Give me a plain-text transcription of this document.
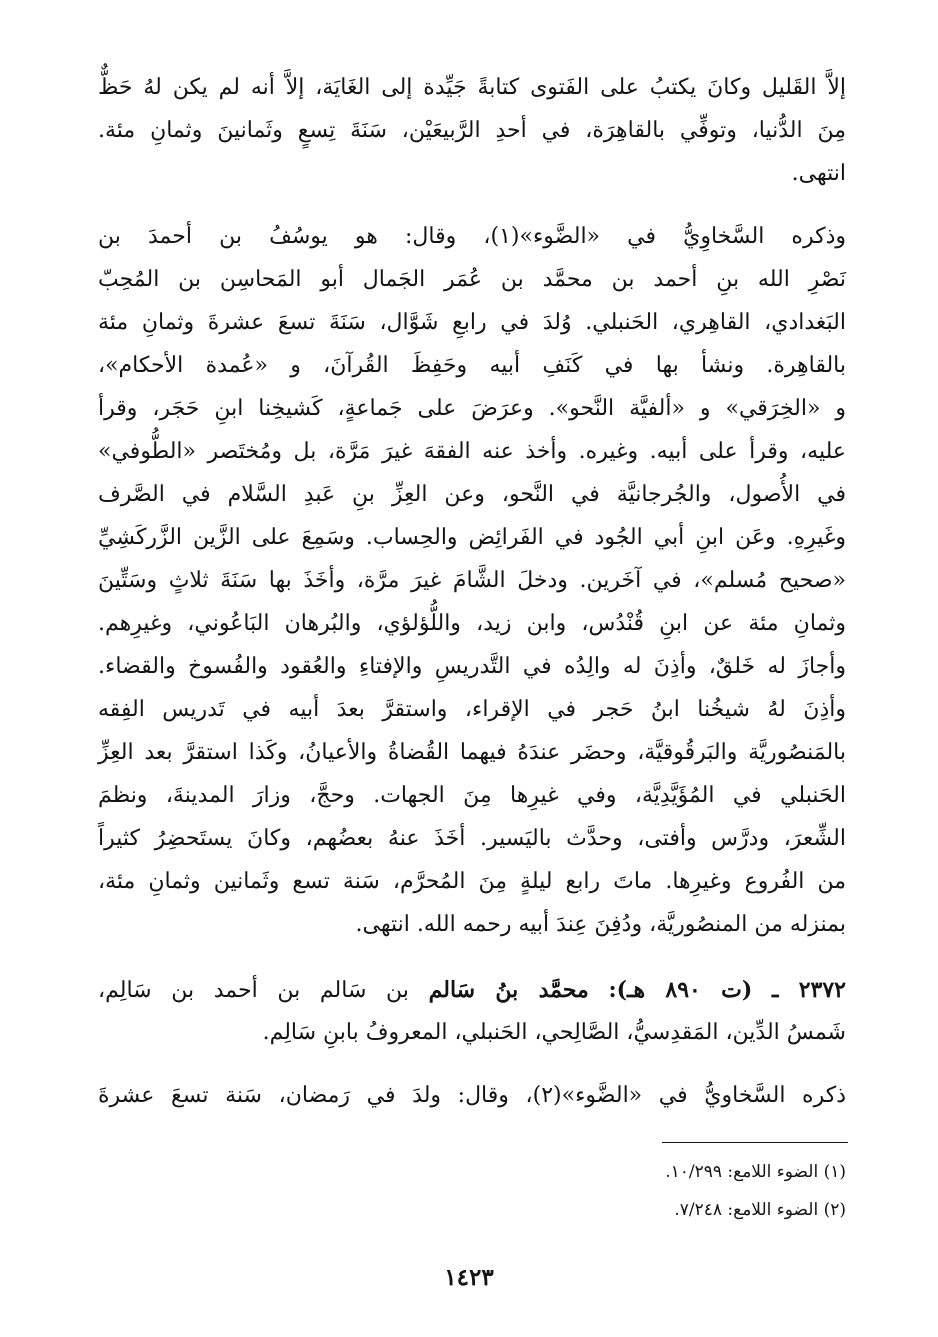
إلاَّ القَليل وكانَ يكتبُ على الفَتوى كتابةً جَيِّدة إلى الغَايَة، إلاَّ أنه لم يكن لهُ حَظٌّ
مِنَ الدُّنيا، وتوفِّي بالقاهِرَة، في أحدِ الرَّبيعَيْن، سَنَةَ تِسعٍ وثَمانينَ وثمانِ مئة.
انتهى.
وذكره السَّخاوِيُّ في «الضَّوء»(١)، وقال: هو يوسُفُ بن أحمدَ بن
نَصْرِ الله بنِ أحمد بن محمَّد بن عُمَر الجَمال أبو المَحاسِن بن المُحِبّ
البَغدادي، القاهِري، الحَنبلي. وُلدَ في رابعِ شَوَّال، سَنَةَ تسعَ عشرةَ وثمانِ مئة
بالقاهِرة. ونشأ بها في كَنَفِ أبيه وحَفِظَ القُرآنَ، و «عُمدة الأحكام»،
و «الخِرَقي» و «ألفيَّة النَّحو». وعرَضَ على جَماعةٍ، كَشيخِنا ابنِ حَجَر، وقرأ
عليه، وقرأ على أبيه. وغيره. وأخذ عنه الفقهَ غيرَ مَرَّة، بل ومُختَصر «الطُّوفي»
في الأُصول، والجُرجانيَّة في النَّحو، وعن العِزِّ بنِ عَبدِ السَّلام في الصَّرف
وغَيرِهِ. وعَن ابنِ أبي الجُود في الفَرائِض والحِساب. وسَمِعَ على الزَّين الزَّركَشِيِّ
«صحيح مُسلم»، في آخَرين. ودخلَ الشَّامَ غيرَ مرَّة، وأخَذَ بها سَنَةَ ثلاثٍ وسَتِّينَ
وثمانِ مئة عن ابنِ قُنْدُس، وابن زيد، واللُّؤلؤي، والبُرهان البَاعُوني، وغيرِهم.
وأجازَ له خَلقٌ، وأذِنَ له والِدُه في التَّدريسِ والإفتاءِ والعُقود والفُسوخ والقضاء.
وأذِنَ لهُ شيخُنا ابنُ حَجر في الإقراء، واستقرَّ بعدَ أبيه في تَدريس الفِقه
بالمَنصُوريَّة والبَرقُوقيَّة، وحضَر عندَهُ فيهما القُضاةُ والأعيانُ، وكَذا استقرَّ بعد العِزِّ
الحَنبلي في المُؤَيَّدِيَّة، وفي غيرِها مِنَ الجهات. وحجَّ، وزارَ المدينةَ، ونظمَ
الشِّعرَ، ودرَّس وأفتى، وحدَّث باليَسير. أخَذَ عنهُ بعضُهم، وكانَ يستَحضِرُ كثيراً
من الفُروع وغيرِها. ماتَ رابع ليلةٍ مِنَ المُحرَّم، سَنة تسع وثَمانين وثمانِ مئة،
بمنزله من المنصُوريَّة، ودُفِنَ عِندَ أبيه رحمه الله. انتهى.
٢٣٧٢ ـ (ت ٨٩٠ هـ): محمَّد بنُ سَالم بن سَالم بن أحمد بن سَالِم،
شَمسُ الدِّين، المَقدِسيُّ، الصَّالِحي، الحَنبلي، المعروفُ بابنِ سَالِم.
ذكره السَّخاويُّ في «الضَّوء»(٢)، وقال: ولدَ في رَمضان، سَنة تسعَ عشرةَ
(١) الضوء اللامع: ١٠/٢٩٩.
(٢) الضوء اللامع: ٧/٢٤٨.
١٤٢٣
